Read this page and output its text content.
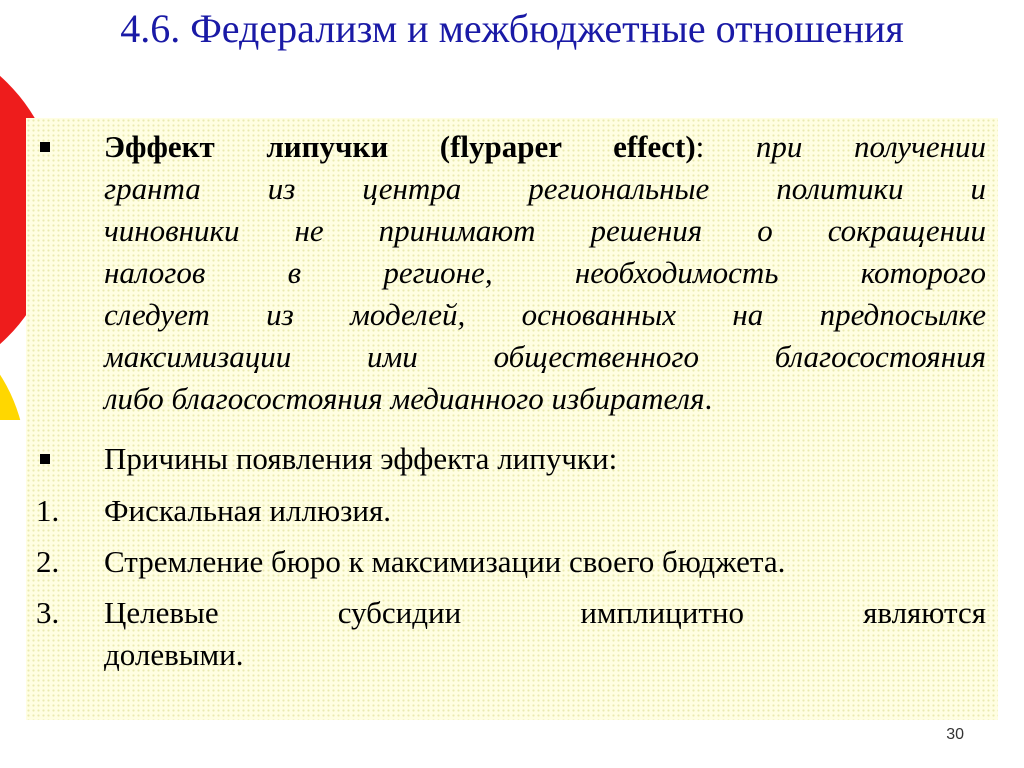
4.6. Федерализм и межбюджетные отношения
Эффект липучки (flypaper effect): при получении
гранта из центра региональные политики и
чиновники не принимают решения о сокращении
налогов в регионе, необходимость которого
следует из моделей, основанных на предпосылке
максимизации ими общественного благосостояния
либо благосостояния медианного избирателя.
Причины появления эффекта липучки:
1. Фискальная иллюзия.
2. Стремление бюро к максимизации своего бюджета.
3. Целевые субсидии имплицитно являются
долевыми.
30
